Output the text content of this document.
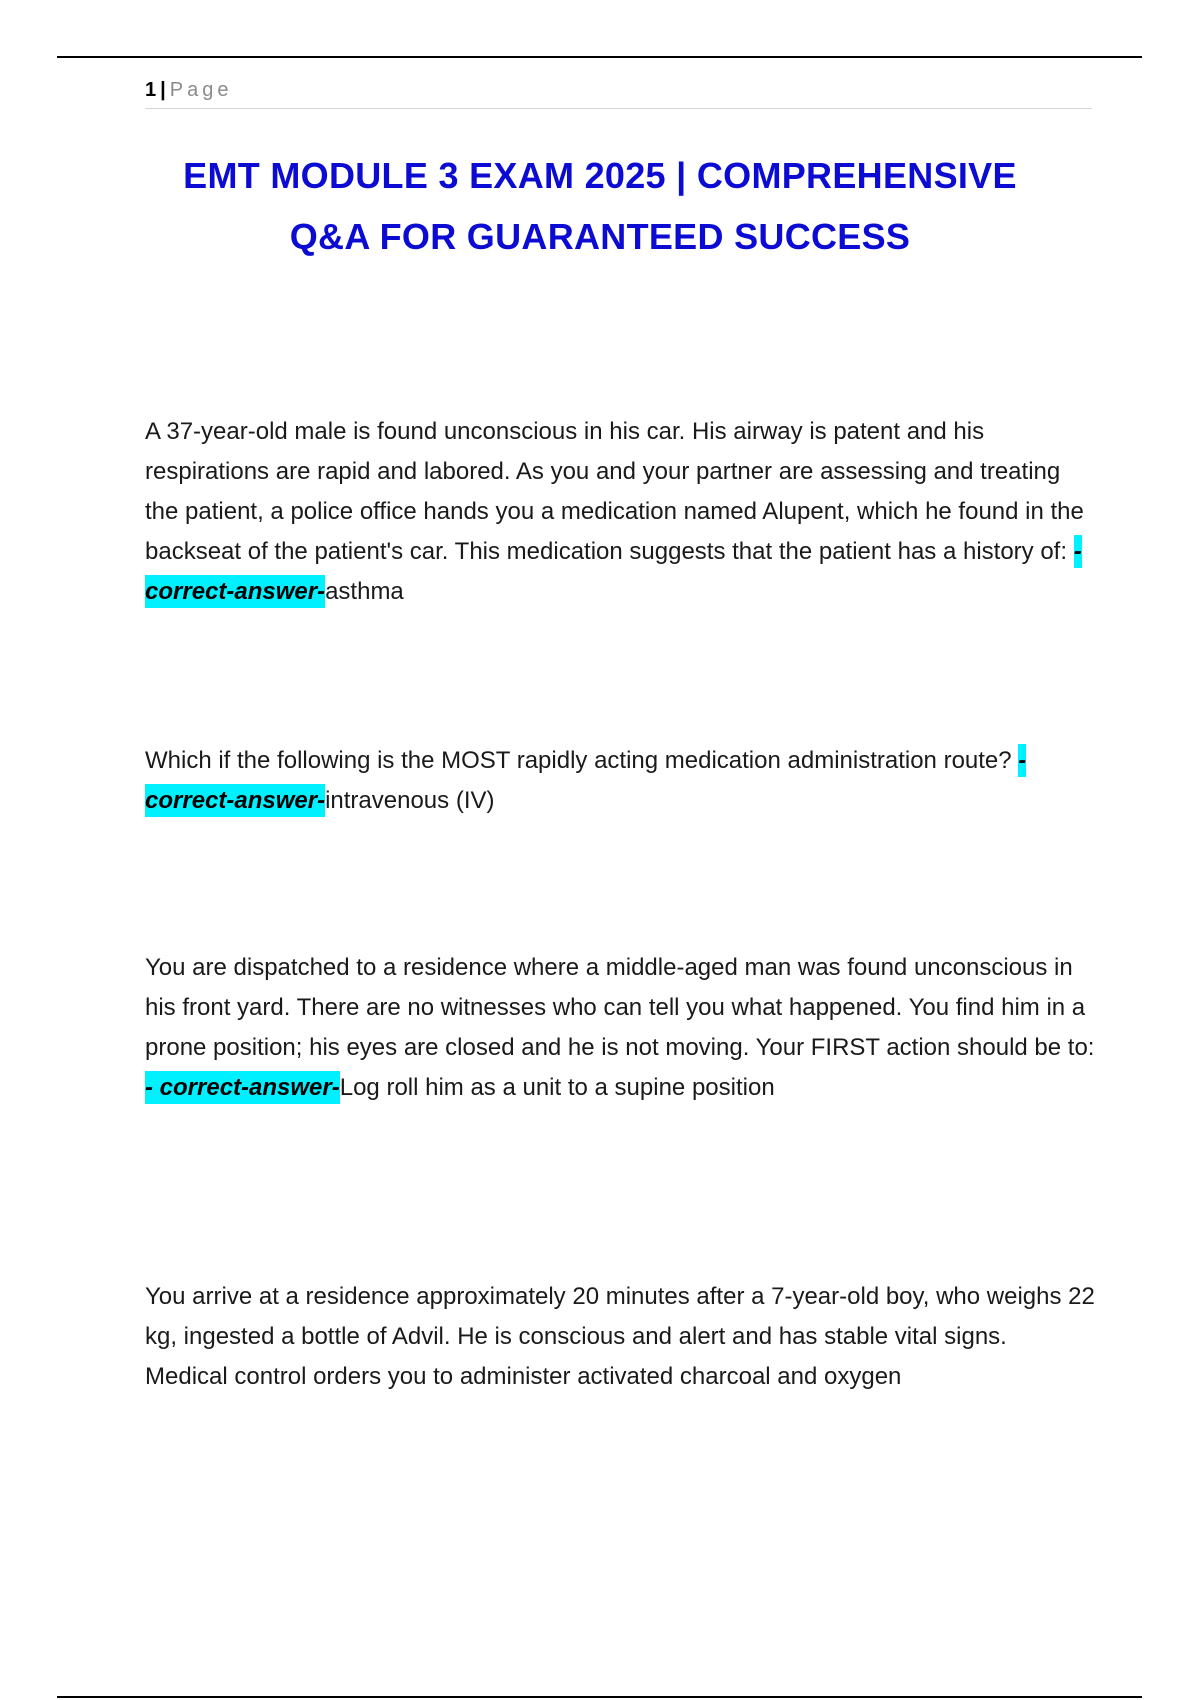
1 | Page
EMT MODULE 3 EXAM 2025 | COMPREHENSIVE
Q&A FOR GUARANTEED SUCCESS

A 37-year-old male is found unconscious in his car. His airway is patent and his respirations are rapid and labored. As you and your partner are assessing and treating the patient, a police office hands you a medication named Alupent, which he found in the backseat of the patient's car. This medication suggests that the patient has a history of: - correct-answer-asthma

Which if the following is the MOST rapidly acting medication administration route? - correct-answer-intravenous (IV)

You are dispatched to a residence where a middle-aged man was found unconscious in his front yard. There are no witnesses who can tell you what happened. You find him in a prone position; his eyes are closed and he is not moving. Your FIRST action should be to: - correct-answer-Log roll him as a unit to a supine position

You arrive at a residence approximately 20 minutes after a 7-year-old boy, who weighs 22 kg, ingested a bottle of Advil. He is conscious and alert and has stable vital signs. Medical control orders you to administer activated charcoal and oxygen
